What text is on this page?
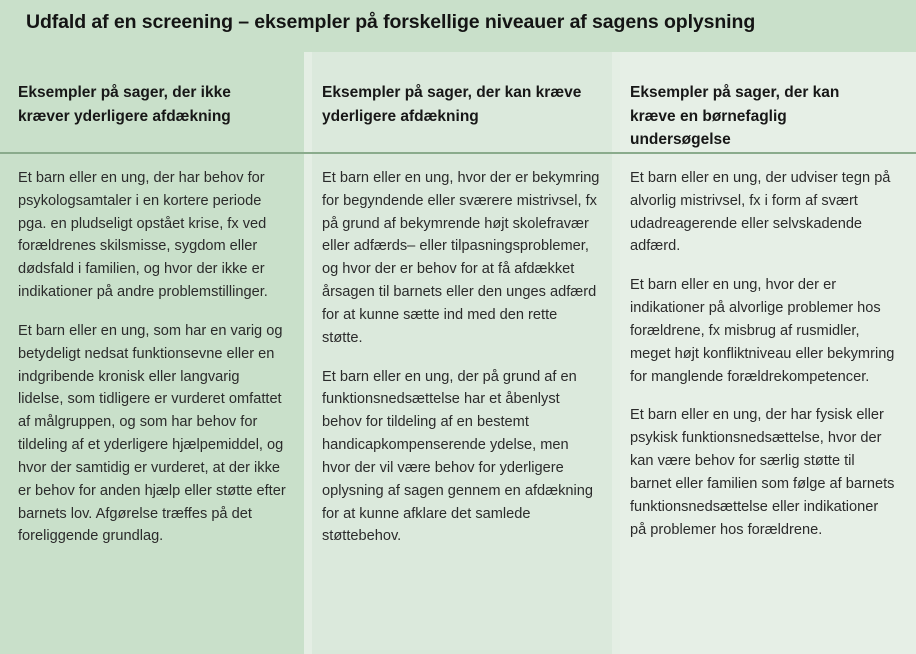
Udfald af en screening – eksempler på forskellige niveauer af sagens oplysning
Eksempler på sager, der ikke kræver yderligere afdækning
Eksempler på sager, der kan kræve yderligere afdækning
Eksempler på sager, der kan kræve en børnefaglig undersøgelse

Et barn eller en ung, der har behov for psykologsamtaler i en kortere periode pga. en pludseligt opstået krise, fx ved forældrenes skilsmisse, sygdom eller dødsfald i familien, og hvor der ikke er indikationer på andre problemstillinger.

Et barn eller en ung, som har en varig og betydeligt nedsat funktionsevne eller en indgribende kronisk eller langvarig lidelse, som tidligere er vurderet omfattet af målgruppen, og som har behov for tildeling af et yderligere hjælpemiddel, og hvor der samtidig er vurderet, at der ikke er behov for anden hjælp eller støtte efter barnets lov. Afgørelse træffes på det foreliggende grundlag.

Et barn eller en ung, hvor der er bekymring for begyndende eller sværere mistrivsel, fx på grund af bekymrende højt skolefravær eller adfærds– eller tilpasningsproblemer, og hvor der er behov for at få afdækket årsagen til barnets eller den unges adfærd for at kunne sætte ind med den rette støtte.

Et barn eller en ung, der på grund af en funktionsnedsættelse har et åbenlyst behov for tildeling af en bestemt handicapkompenserende ydelse, men hvor der vil være behov for yderligere oplysning af sagen gennem en afdækning for at kunne afklare det samlede støttebehov.

Et barn eller en ung, der udviser tegn på alvorlig mistrivsel, fx i form af svært udadreagerende eller selvskadende adfærd.

Et barn eller en ung, hvor der er indikationer på alvorlige problemer hos forældrene, fx misbrug af rusmidler, meget højt konfliktniveau eller bekymring for manglende forældrekompetencer.

Et barn eller en ung, der har fysisk eller psykisk funktionsnedsættelse, hvor der kan være behov for særlig støtte til barnet eller familien som følge af barnets funktionsnedsættelse eller indikationer på problemer hos forældrene.
